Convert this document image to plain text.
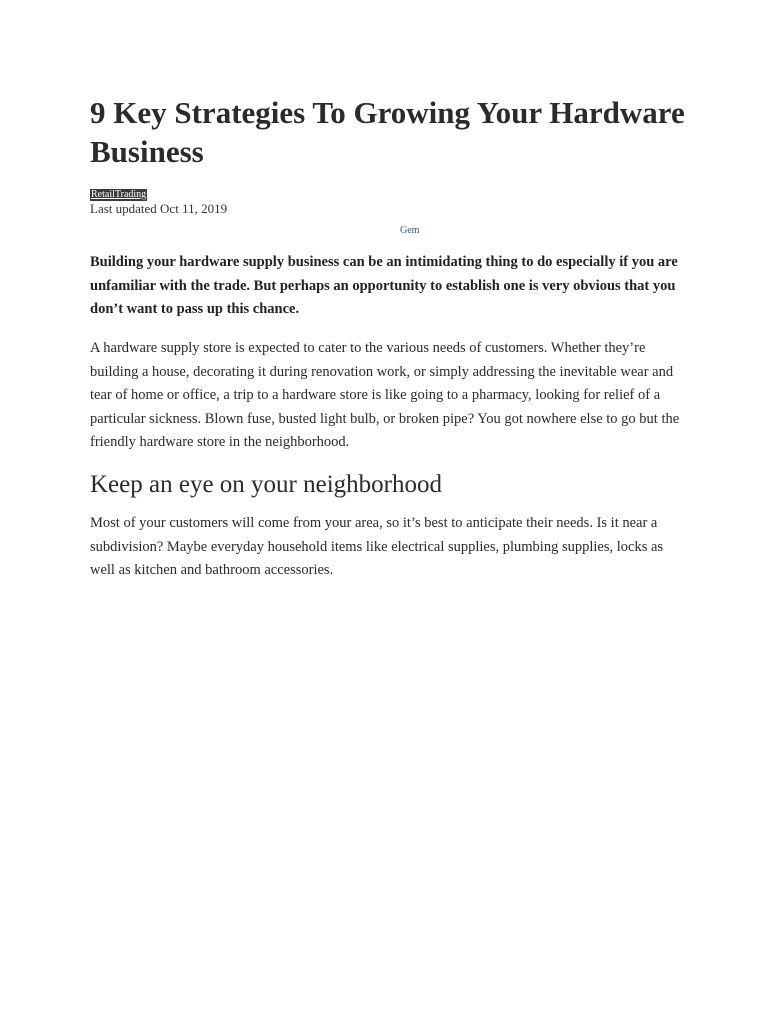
9 Key Strategies To Growing Your Hardware Business
RetailTrading
Last updated Oct 11, 2019
Gem

Building your hardware supply business can be an intimidating thing to do especially if you are unfamiliar with the trade. But perhaps an opportunity to establish one is very obvious that you don’t want to pass up this chance.

A hardware supply store is expected to cater to the various needs of customers. Whether they’re building a house, decorating it during renovation work, or simply addressing the inevitable wear and tear of home or office, a trip to a hardware store is like going to a pharmacy, looking for relief of a particular sickness. Blown fuse, busted light bulb, or broken pipe? You got nowhere else to go but the friendly hardware store in the neighborhood.

Keep an eye on your neighborhood

Most of your customers will come from your area, so it’s best to anticipate their needs. Is it near a subdivision? Maybe everyday household items like electrical supplies, plumbing supplies, locks as well as kitchen and bathroom accessories.
